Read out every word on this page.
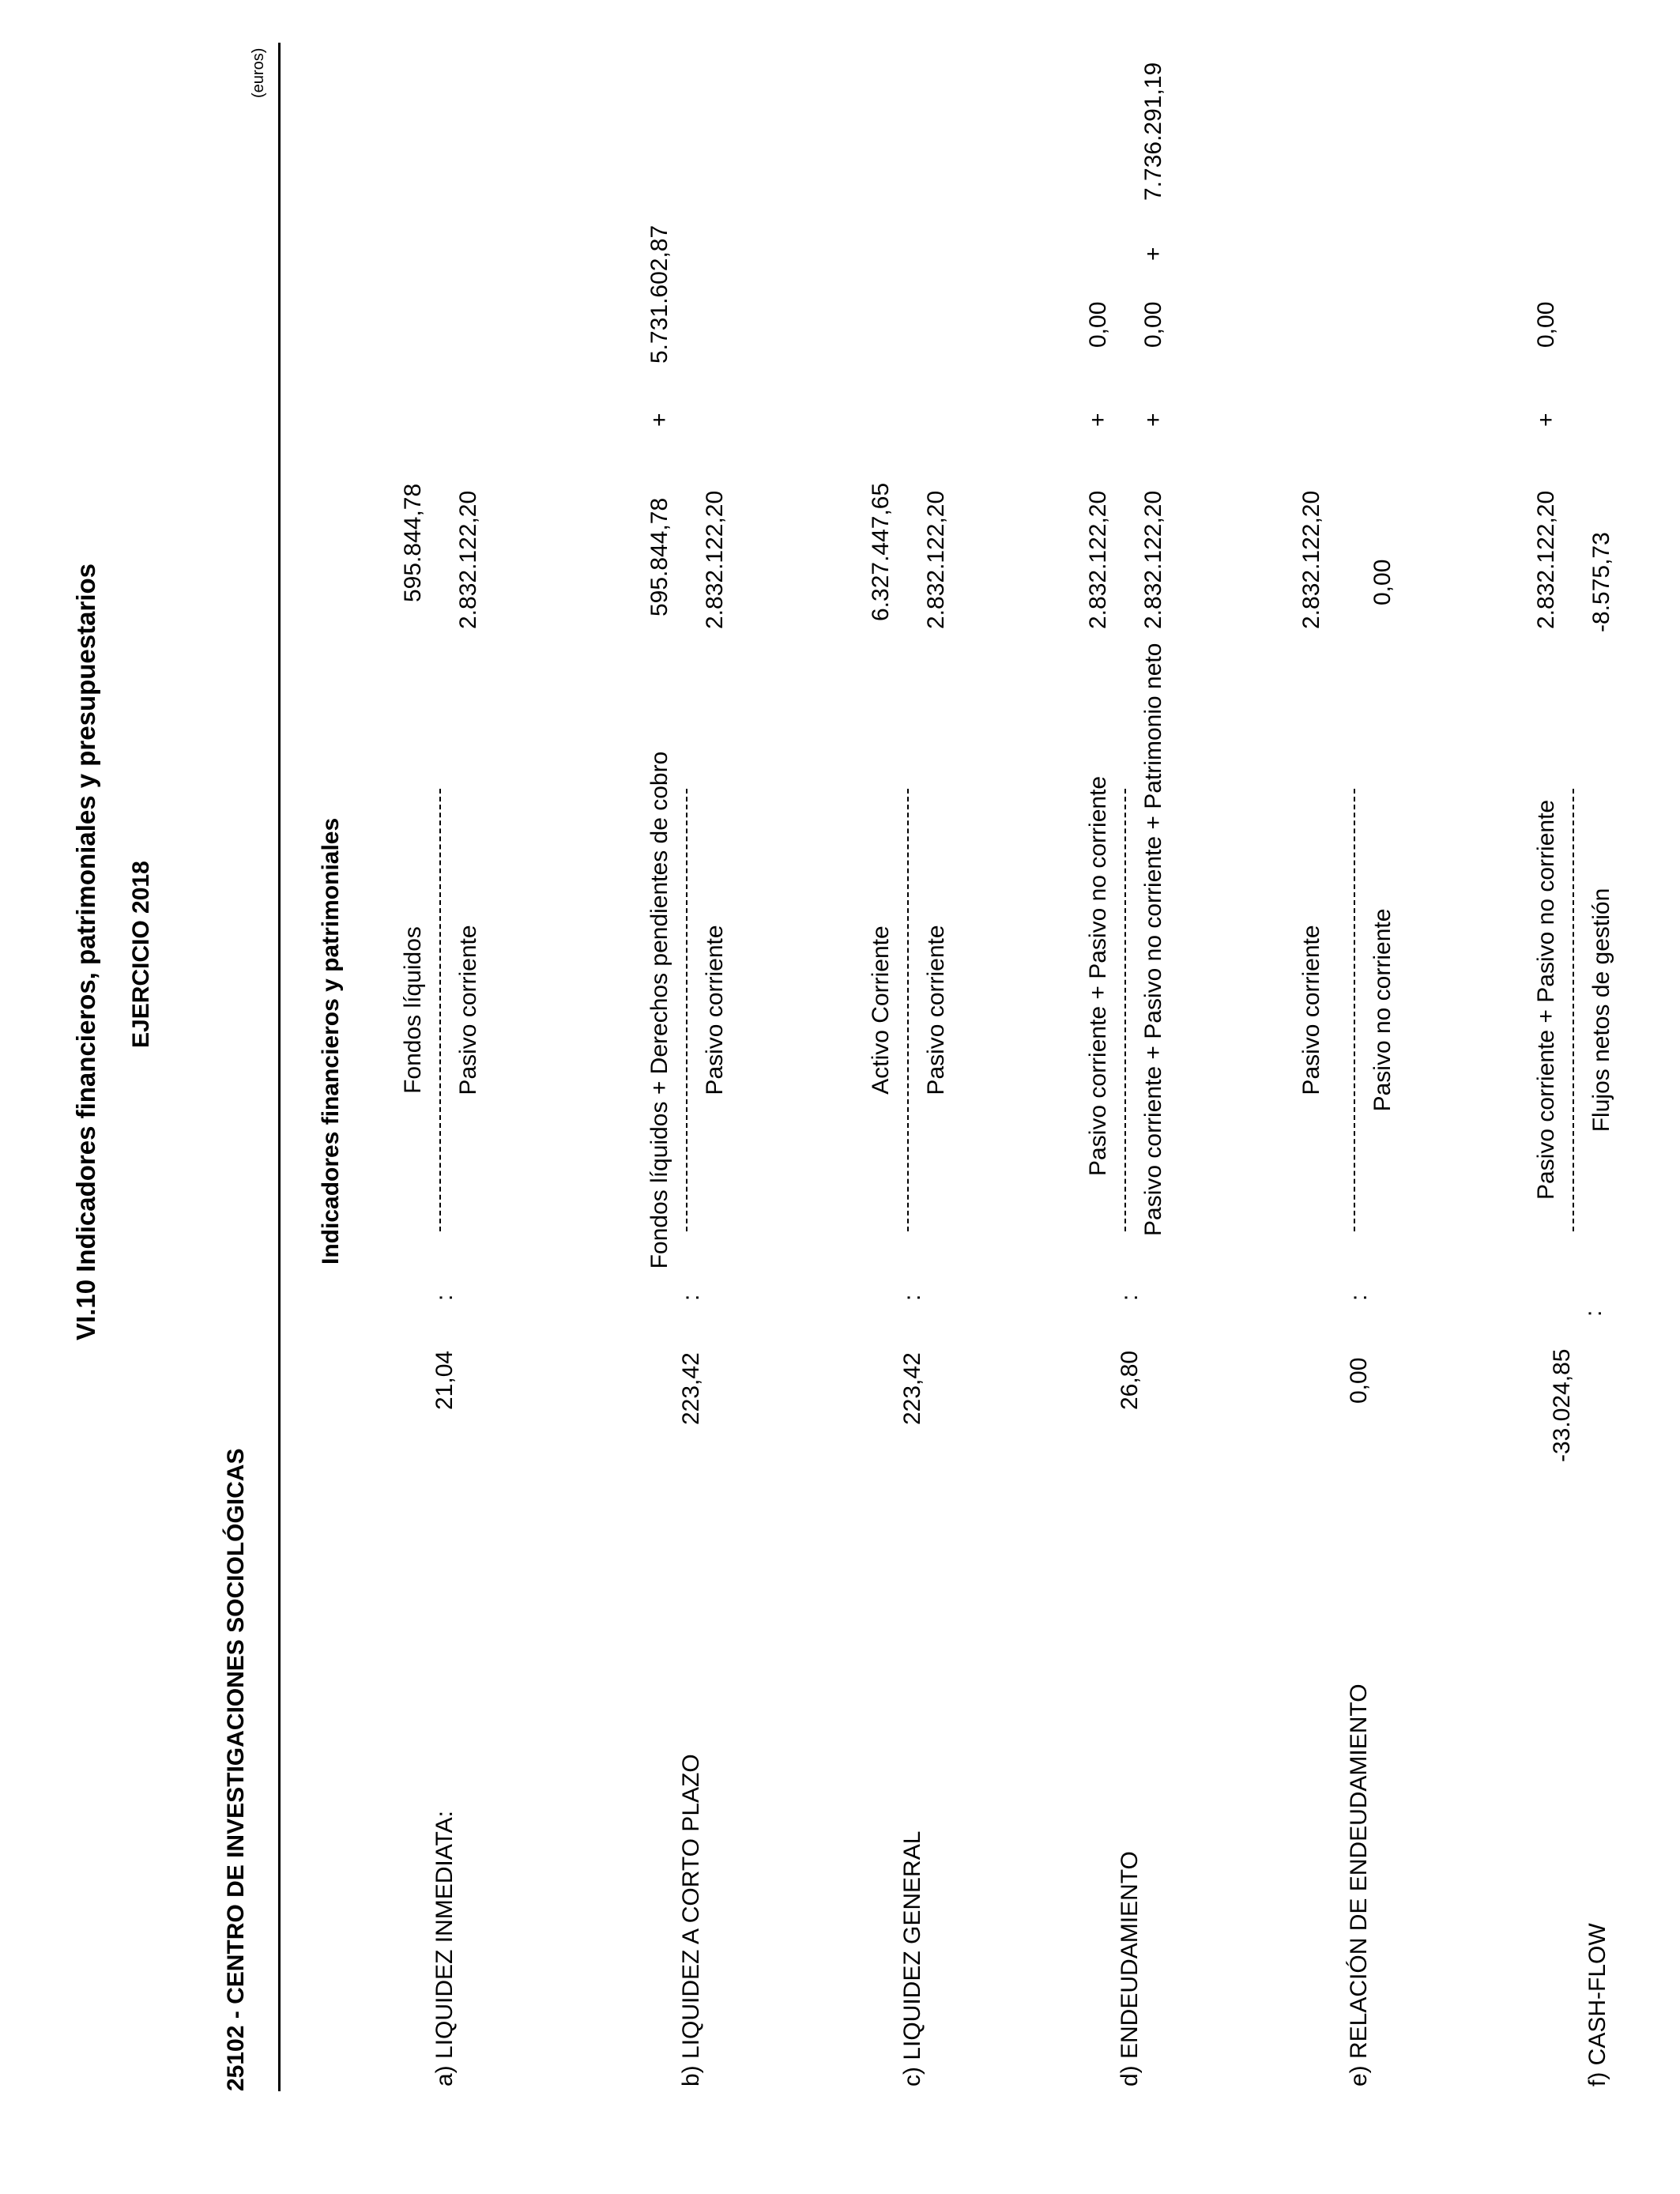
VI.10 Indicadores financieros, patrimoniales y presupuestarios EJERCICIO 2018
25102 - CENTRO DE INVESTIGACIONES SOCIOLÓGICAS
(euros)
Indicadores financieros y patrimoniales
a) LIQUIDEZ INMEDIATA:
21,04
:
Fondos líquidos Pasivo corriente
595.844,78 2.832.122,20
b) LIQUIDEZ A CORTO PLAZO
223,42
:
Fondos líquidos + Derechos pendientes de cobro Pasivo corriente
595.844,78
+
5.731.602,87
2.832.122,20
c) LIQUIDEZ GENERAL
223,42
:
Activo Corriente Pasivo corriente
6.327.447,65 2.832.122,20
d) ENDEUDAMIENTO
26,80
:
Pasivo corriente + Pasivo no corriente Pasivo corriente + Pasivo no corriente + Patrimonio neto
2.832.122,20
+
0,00
2.832.122,20
+
0,00
+
7.736.291,19
e) RELACIÓN DE ENDEUDAMIENTO
0,00
:
Pasivo corriente Pasivo no corriente
2.832.122,20 0,00
f) CASH-FLOW
-33.024,85
:
Pasivo corriente + Pasivo no corriente Flujos netos de gestión
2.832.122,20
+
0,00
-8.575,73
